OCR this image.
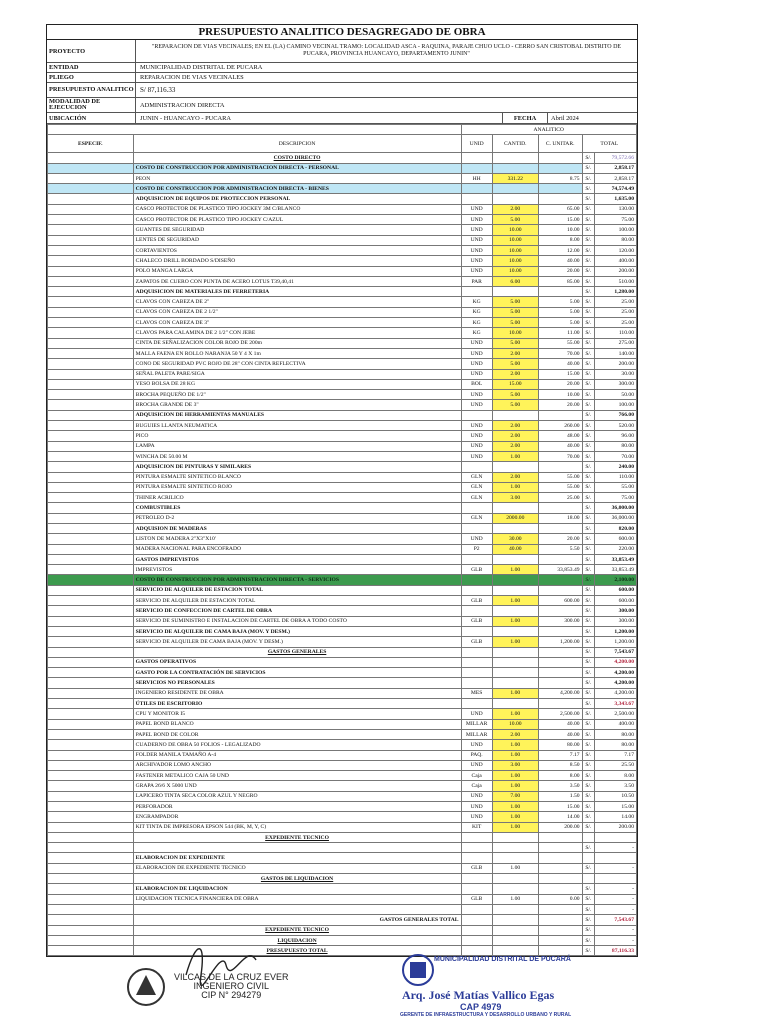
PRESUPUESTO ANALITICO DESAGREGADO DE OBRA
PROYECTO
"REPARACION DE VIAS VECINALES; EN EL (LA) CAMINO VECINAL TRAMO: LOCALIDAD ASCA - RAQUINA, PARAJE CHUO UCLO - CERRO SAN CRISTOBAL DISTRITO DE PUCARA, PROVINCIA HUANCAYO, DEPARTAMENTO JUNIN"
ENTIDAD	MUNICIPALIDAD DISTRITAL DE PUCARA
PLIEGO	REPARACION DE VIAS VECINALES
PRESUPUESTO ANALITICO S/ 87,116.33
MODALIDAD DE EJECUCION	ADMINISTRACION DIRECTA
UBICACIÓN	JUNIN - HUANCAYO - PUCARA	FECHA	Abril 2024
		ANALITICO				
ESPECIF.	DESCRIPCION	UNID	CANTID.	C. UNITAR.	TOTAL	
	COSTO DIRECTO				S/.	79,572.66
	COSTO DE CONSTRUCCION POR ADMINISTRACION DIRECTA - PERSONAL				S/.	2,858.17
	PEON	HH	331.22	8.75	S/.	2,858.17
	COSTO DE CONSTRUCCION POR ADMINISTRACION DIRECTA - BIENES				S/.	74,574.49
	ADQUISICION DE EQUIPOS DE PROTECCION PERSONAL				S/.	1,635.00
	CASCO PROTECTOR DE PLASTICO TIPO JOCKEY 3M C/BLANCO	UND	2.00	65.00	S/.	130.00
	CASCO PROTECTOR DE PLASTICO TIPO JOCKEY C/AZUL	UND	5.00	15.00	S/.	75.00
	GUANTES DE SEGURIDAD	UND	10.00	10.00	S/.	100.00
	LENTES DE SEGURIDAD	UND	10.00	8.00	S/.	80.00
	CORTAVIENTOS	UND	10.00	12.00	S/.	120.00
	CHALECO DRILL BORDADO S/DISEÑO	UND	10.00	40.00	S/.	400.00
	POLO MANGA LARGA	UND	10.00	20.00	S/.	200.00
	ZAPATOS DE CUERO CON PUNTA DE ACERO LOTUS T39,40,41	PAR	6.00	85.00	S/.	510.00
	ADQUISICION DE MATERIALES DE FERRETERIA				S/.	1,280.00
	CLAVOS CON CABEZA DE 2"	KG	5.00	5.00	S/.	25.00
	CLAVOS CON CABEZA DE 2 1/2"	KG	5.00	5.00	S/.	25.00
	CLAVOS CON CABEZA DE 3"	KG	5.00	5.00	S/.	25.00
	CLAVOS PARA CALAMINA DE 2 1/2" CON JEBE	KG	10.00	11.00	S/.	110.00
	CINTA DE SEÑALIZACION COLOR ROJO DE 200m	UND	5.00	55.00	S/.	275.00
	MALLA FAENA EN ROLLO NARANJA 50 Y 4 X 1m	UND	2.00	70.00	S/.	140.00
	CONO DE SEGURIDAD PVC ROJO DE 28" CON CINTA REFLECTIVA	UND	5.00	40.00	S/.	200.00
	SEÑAL PALETA PARE/SIGA	UND	2.00	15.00	S/.	30.00
	YESO BOLSA DE 28 KG	BOL	15.00	20.00	S/.	300.00
	BROCHA PEQUEÑO DE 1/2"	UND	5.00	10.00	S/.	50.00
	BROCHA GRANDE DE 3"	UND	5.00	20.00	S/.	100.00
	ADQUISICION DE HERRAMIENTAS MANUALES				S/.	766.00
	BUGUIES LLANTA NEUMATICA	UND	2.00	260.00	S/.	520.00
	PICO	UND	2.00	48.00	S/.	96.00
	LAMPA	UND	2.00	40.00	S/.	80.00
	WINCHA DE 50.00 M	UND	1.00	70.00	S/.	70.00
	ADQUISICION DE PINTURAS Y SIMILARES				S/.	240.00
	PINTURA ESMALTE SINTETICO BLANCO	GLN	2.00	55.00	S/.	110.00
	PINTURA ESMALTE SINTETICO ROJO	GLN	1.00	55.00	S/.	55.00
	THINER ACRILICO	GLN	3.00	25.00	S/.	75.00
	COMBUSTIBLES				S/.	36,000.00
	PETROLEO D-2	GLN	2000.00	18.00	S/.	36,000.00
	ADQUISION DE MADERAS				S/.	820.00
	LISTON DE MADERA 2"X3"X10'	UND	30.00	20.00	S/.	600.00
	MADERA NACIONAL PARA ENCOFRADO	P2	40.00	5.50	S/.	220.00
	GASTOS IMPREVISTOS				S/.	33,853.49
	IMPREVISTOS	GLB	1.00	33,853.49	S/.	33,853.49
	COSTO DE CONSTRUCCION POR ADMINISTRACION DIRECTA - SERVICIOS				S/.	2,100.00
	SERVICIO DE ALQUILER DE ESTACION TOTAL				S/.	600.00
	SERVICIO DE ALQUILER DE ESTACION TOTAL	GLB	1.00	600.00	S/.	600.00
	SERVICIO DE CONFECCION DE CARTEL DE OBRA				S/.	300.00
	SERVICIO DE SUMINISTRO E INSTALACION DE CARTEL DE OBRA A TODO COSTO	GLB	1.00	300.00	S/.	300.00
	SERVICIO DE ALQUILER DE CAMA BAJA (MOV. Y DESM.)				S/.	1,200.00
	SERVICIO DE ALQUILER DE CAMA BAJA (MOV. Y DESM.)	GLB	1.00	1,200.00	S/.	1,200.00
	GASTOS GENERALES				S/.	7,543.67
	GASTOS OPERATIVOS				S/.	4,200.00
	GASTO POR LA CONTRATACIÓN DE SERVICIOS				S/.	4,200.00
	SERVICIOS NO PERSONALES				S/.	4,200.00
	INGENIERO RESIDENTE DE OBRA	MES	1.00	4,200.00	S/.	4,200.00
	ÚTILES DE ESCRITORIO				S/.	3,343.67
	CPU Y MONITOR I5	UND	1.00	2,500.00	S/.	2,500.00
	PAPEL BOND BLANCO	MILLAR	10.00	40.00	S/.	400.00
	PAPEL BOND DE COLOR	MILLAR	2.00	40.00	S/.	80.00
	CUADERNO DE OBRA 50 FOLIOS - LEGALIZADO	UND	1.00	80.00	S/.	80.00
	FOLDER MANILA TAMAÑO A-4	PAQ.	1.00	7.17	S/.	7.17
	ARCHIVADOR LOMO ANCHO	UND	3.00	8.50	S/.	25.50
	FASTENER METALICO CAJA 50 UND	Caja	1.00	8.00	S/.	8.00
	GRAPA 26/6 X 5000 UND	Caja	1.00	3.50	S/.	3.50
	LAPICERO TINTA SECA COLOR AZUL Y NEGRO	UND	7.00	1.50	S/.	10.50
	PERFORADOR	UND	1.00	15.00	S/.	15.00
	ENGRAMPADOR	UND	1.00	14.00	S/.	14.00
	KIT TINTA DE IMPRESORA EPSON 544 (BK, M, Y, C)	KIT	1.00	200.00	S/.	200.00
	EXPEDIENTE TECNICO					
					S/.	-
	ELABORACION DE EXPEDIENTE					
	ELABORACION DE EXPEDIENTE TECNICO	GLB	1.00		S/.	-
	GASTOS DE LIQUIDACION					
	ELABORACION DE LIQUIDACION				S/.	-
	LIQUIDACION TECNICA FINANCIERA DE OBRA	GLB	1.00	0.00	S/.	-
					S/.	-
	GASTOS GENERALES TOTAL				S/.	7,543.67
	EXPEDIENTE TECNICO				S/.	-
	LIQUIDACION				S/.	-
	PRESUPUESTO TOTAL				S/.	87,116.33
VILCAS DE LA CRUZ EVER
INGENIERO CIVIL
CIP N° 294279
MUNICIPALIDAD DISTRITAL DE PUCARÁ
Arq. José Matías Vallico Egas
CAP 4979
GERENTE DE INFRAESTRUCTURA Y DESARROLLO URBANO Y RURAL
